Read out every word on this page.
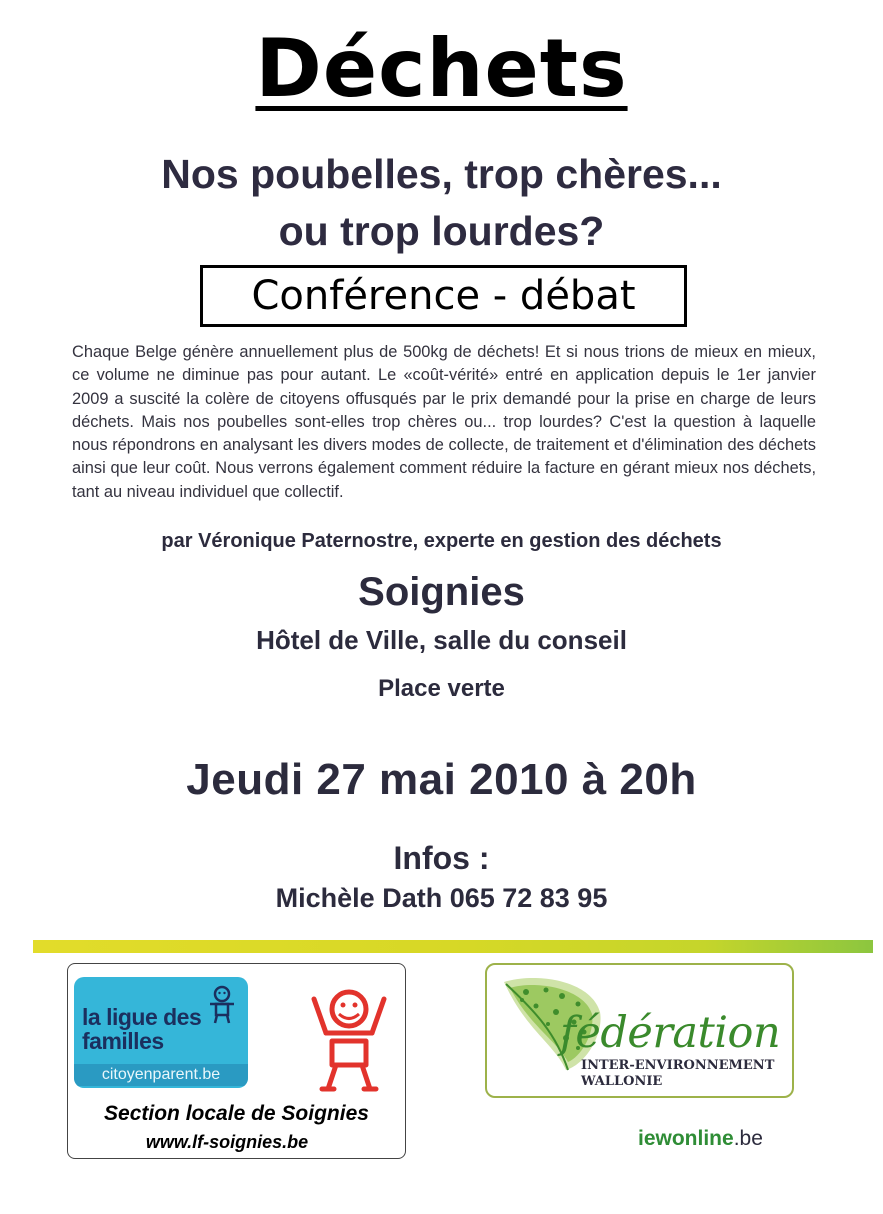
Déchets
Nos poubelles, trop chères...
ou trop lourdes?
Conférence - débat
Chaque Belge génère annuellement plus de 500kg de déchets! Et si nous trions de mieux en mieux, ce volume ne diminue pas pour autant. Le «coût-vérité» entré en application depuis le 1er janvier 2009 a suscité la colère de citoyens offusqués par le prix demandé pour la prise en charge de leurs déchets. Mais nos poubelles sont-elles trop chères ou... trop lourdes? C'est la question à laquelle nous répondrons en analysant les divers modes de collecte, de traitement et d'élimination des déchets ainsi que leur coût. Nous verrons également comment réduire la facture en gérant mieux nos déchets, tant au niveau individuel que collectif.
par Véronique Paternostre, experte en gestion des déchets
Soignies
Hôtel de Ville, salle du conseil
Place verte
Jeudi 27 mai 2010 à 20h
Infos :
Michèle Dath 065 72 83 95
la ligue des familles
citoyenparent.be
Section locale de Soignies
www.lf-soignies.be
fédération
INTER-ENVIRONNEMENT
WALLONIE
iewonline.be
